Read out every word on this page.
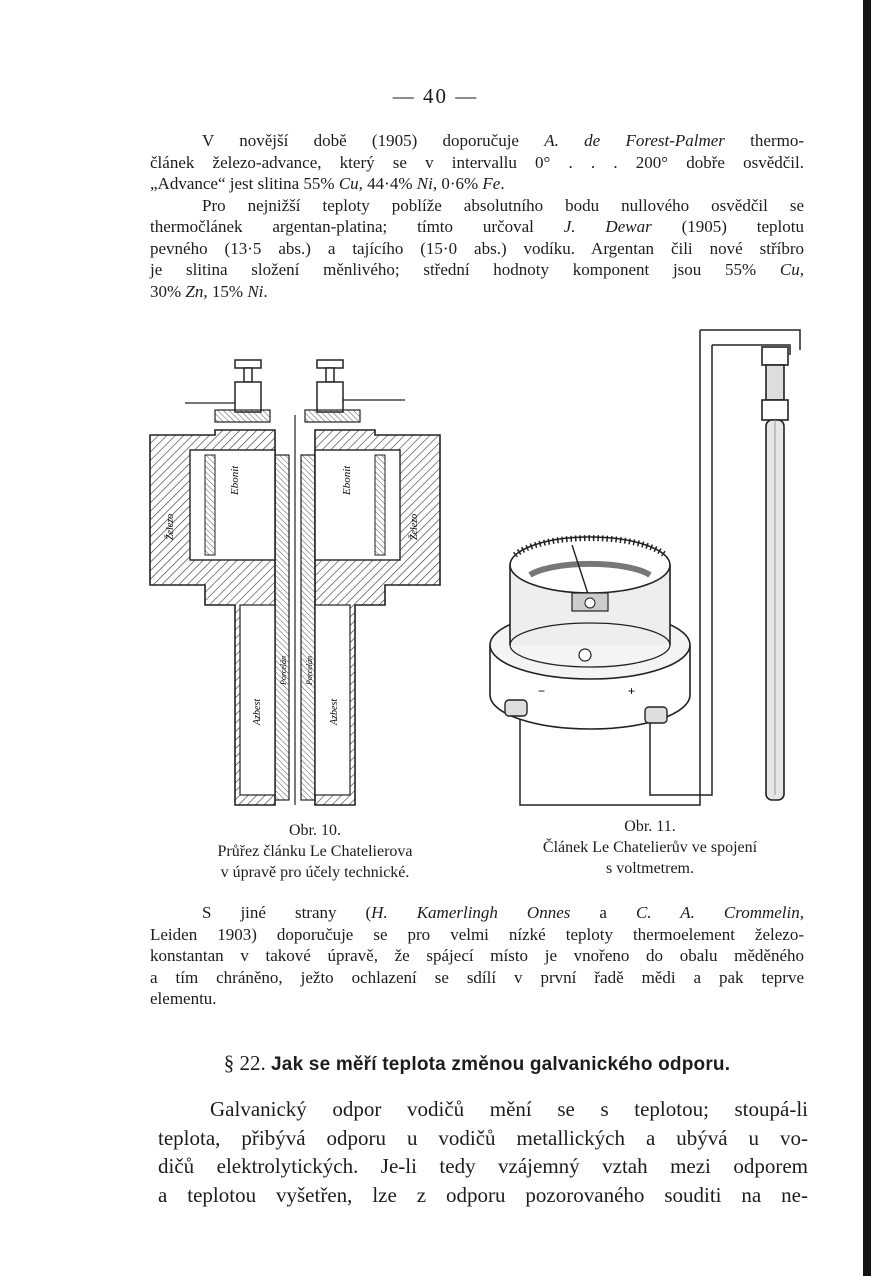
— 40 —
V novější době (1905) doporučuje A. de Forest-Palmer thermo-
článek železo-advance, který se v intervallu 0° . . . 200° dobře osvědčil.
„Advance“ jest slitina 55% Cu, 44·4% Ni, 0·6% Fe.
Pro nejnižší teploty poblíže absolutního bodu nullového osvědčil se
thermočlánek argentan-platina; tímto určoval J. Dewar (1905) teplotu
pevného (13·5 abs.) a tajícího (15·0 abs.) vodíku. Argentan čili nové stříbro
je slitina složení měnlivého; střední hodnoty komponent jsou 55% Cu,
30% Zn, 15% Ni.
Ebonit	Ebonit
Železo	Železo
Azbest	Azbest
Porcelán Porcelán
−	+
Obr. 10.
Průřez článku Le Chatelierova
v úpravě pro účely technické.
Obr. 11.
Článek Le Chatelierův ve spojení
s voltmetrem.
S jiné strany (H. Kamerlingh Onnes a C. A. Crommelin,
Leiden 1903) doporučuje se pro velmi nízké teploty thermoelement železo-
konstantan v takové úpravě, že spájecí místo je vnořeno do obalu měděného
a tím chráněno, ježto ochlazení se sdílí v první řadě mědi a pak teprve
elementu.
§ 22. Jak se měří teplota změnou galvanického odporu.
Galvanický odpor vodičů mění se s teplotou; stoupá-li
teplota, přibývá odporu u vodičů metallických a ubývá u vo-
dičů elektrolytických. Je-li tedy vzájemný vztah mezi odporem
a teplotou vyšetřen, lze z odporu pozorovaného souditi na ne-
